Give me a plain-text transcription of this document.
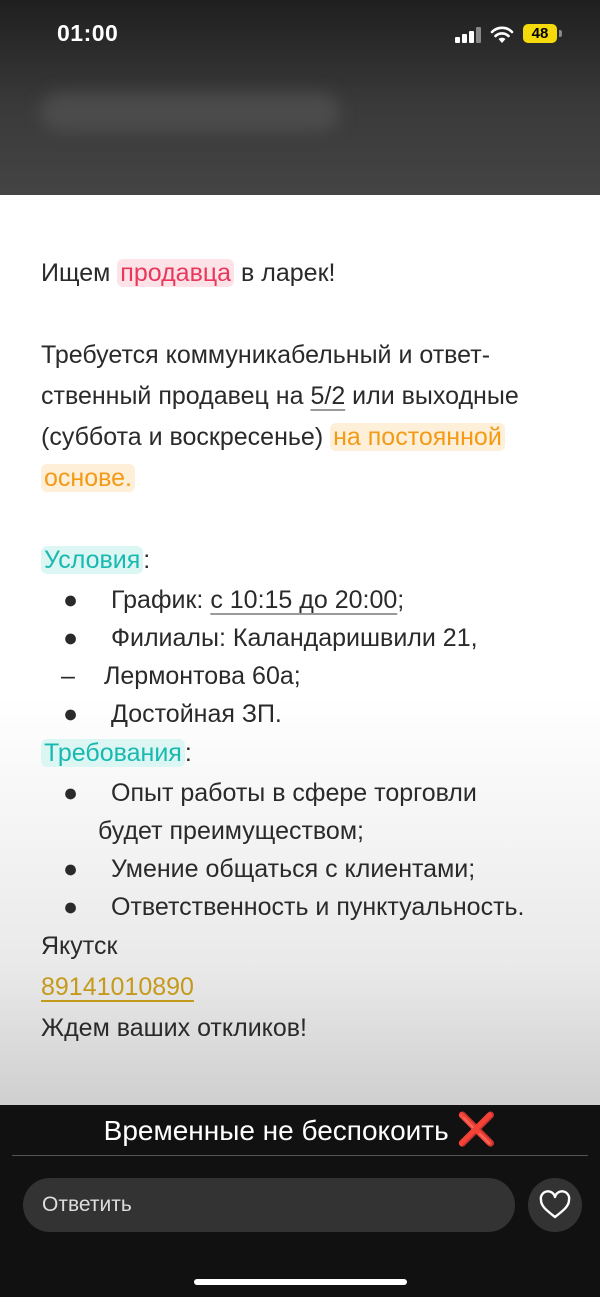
01:00	48

Ищем продавца в ларек!

Требуется коммуникабельный и ответ-

ственный продавец на 5/2 или выходные

(суббота и воскресенье) на постоянной

основе.

Условия :

● График: с 10:15 до 20:00;

● Филиалы: Каландаришвили 21,

– Лермонтова 60а;

● Достойная ЗП.

Требования :

● Опыт работы в сфере торговли

будет преимуществом;

● Умение общаться с клиентами;

● Ответственность и пунктуальность.

Якутск

89141010890

Ждем ваших откликов!

Временные не беспокоить ❌
Ответить
